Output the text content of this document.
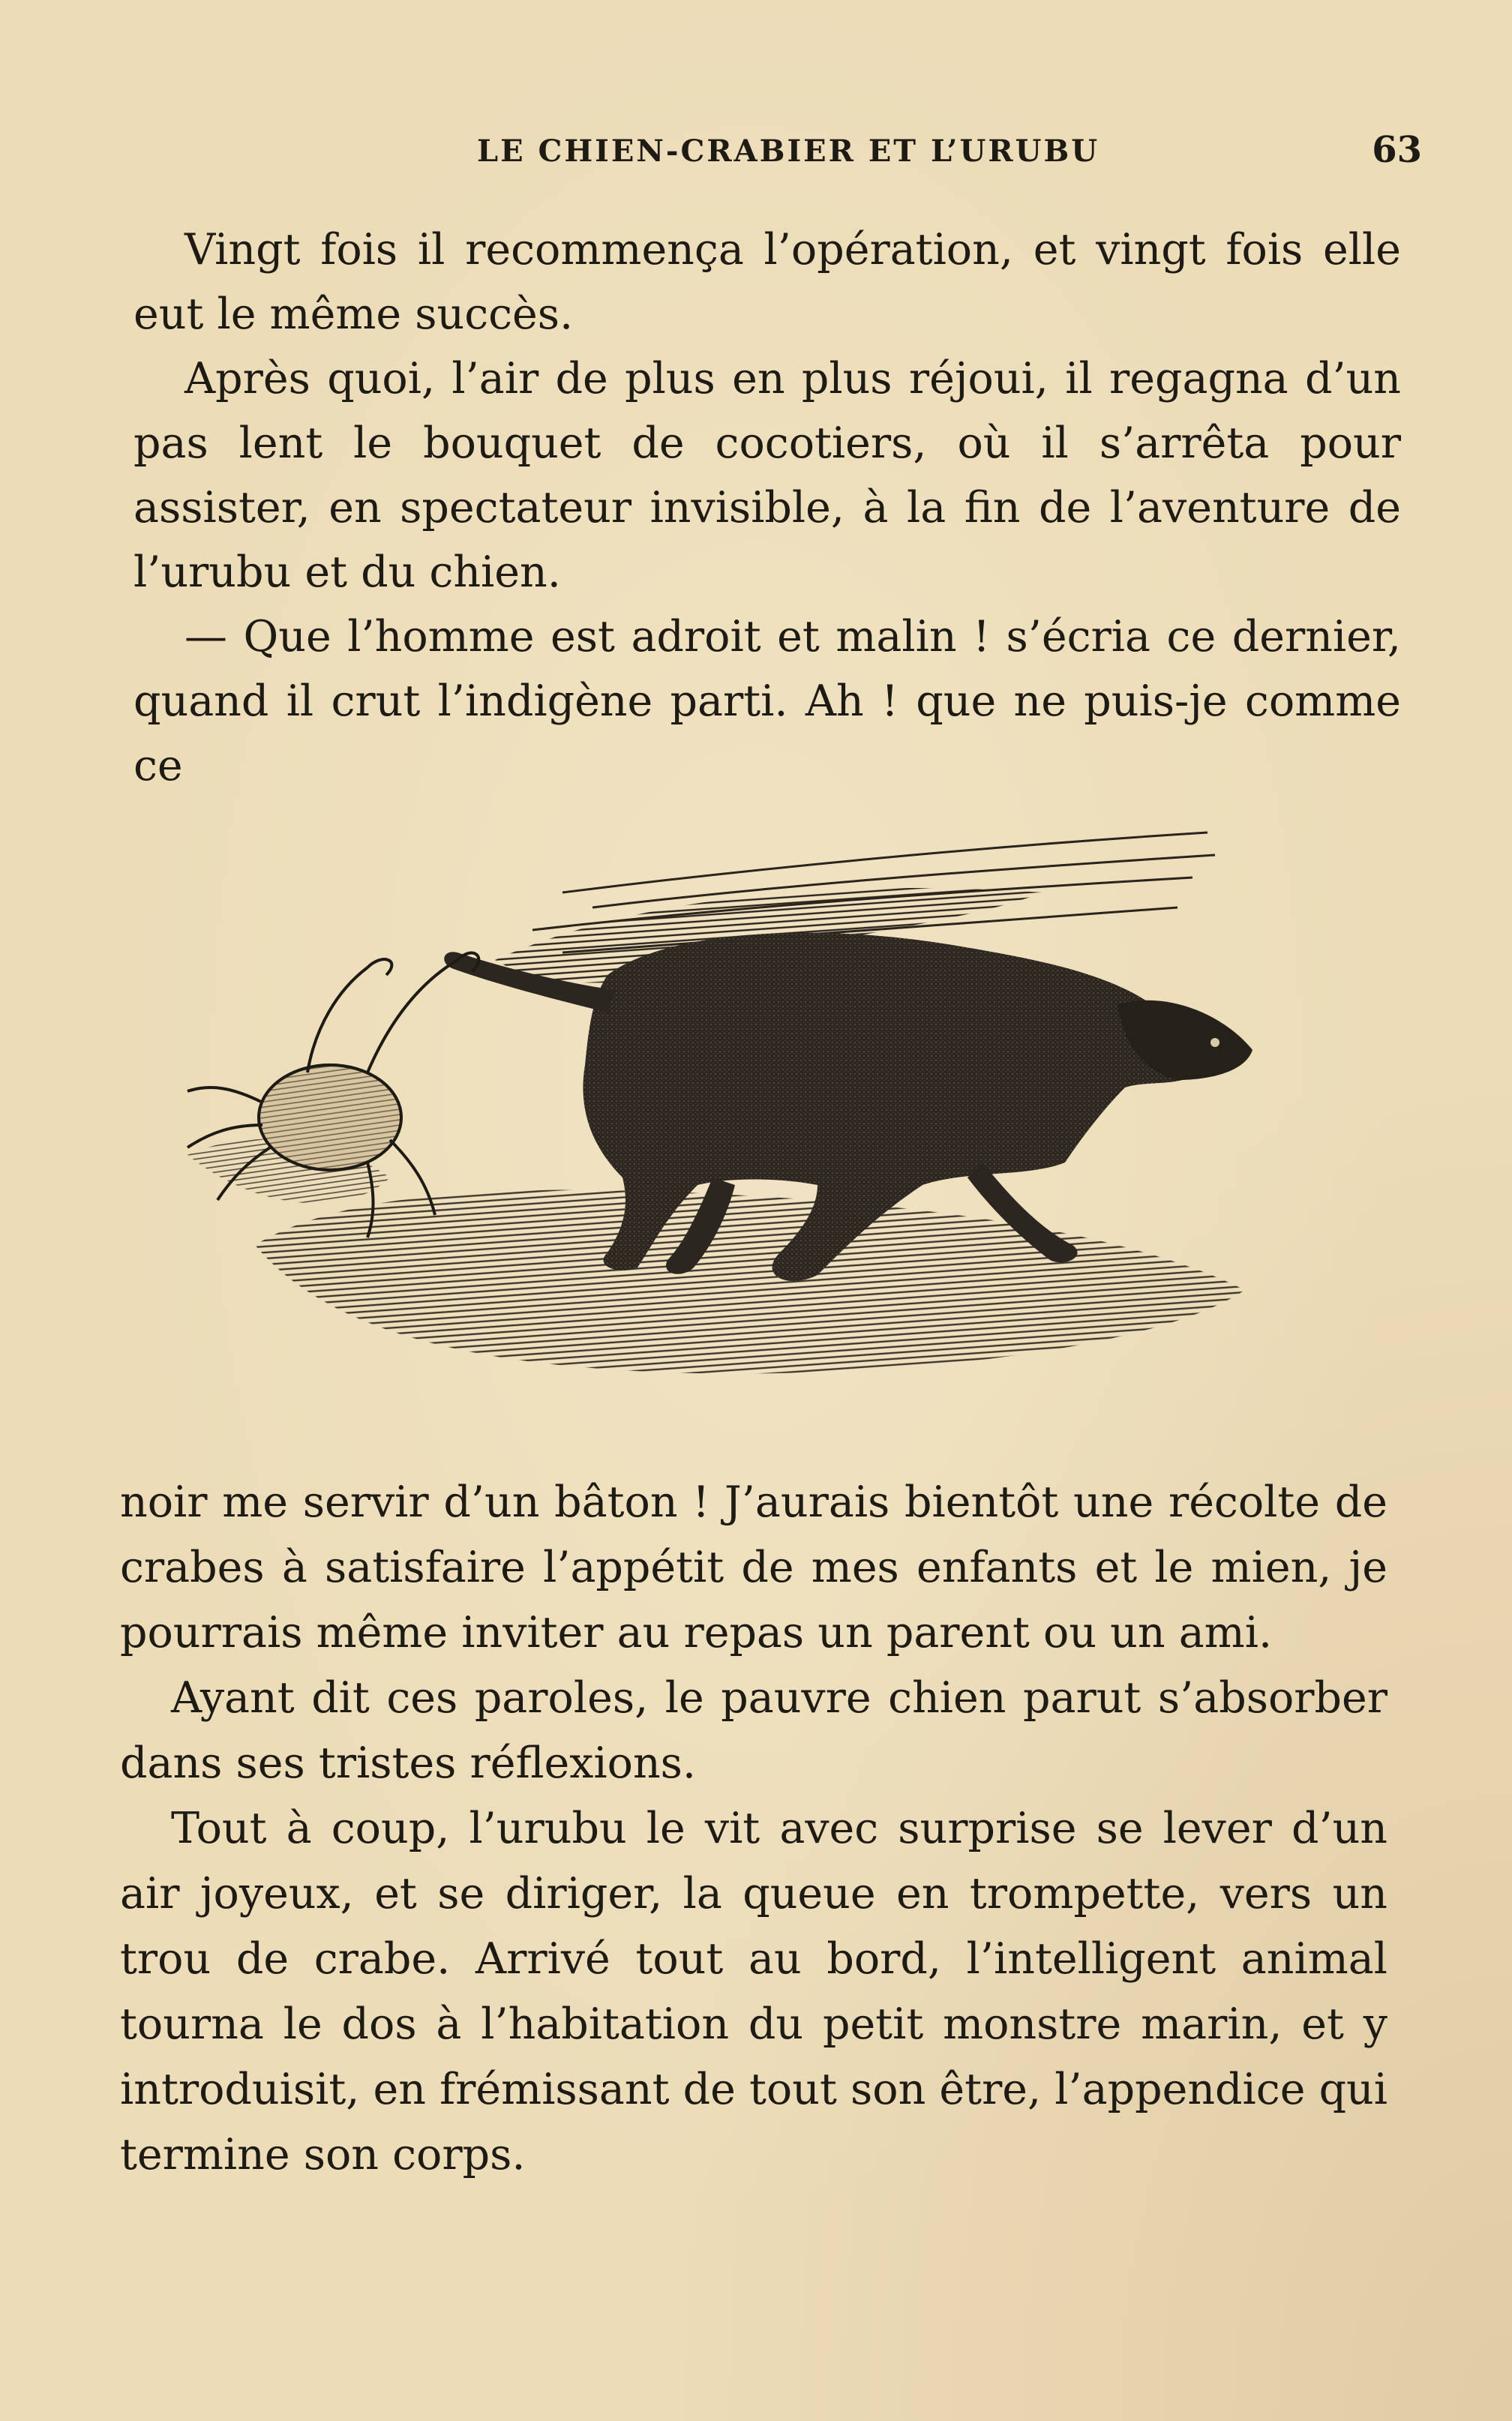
LE CHIEN-CRABIER ET L’URUBU	63

Vingt fois il recommença l’opération, et vingt fois elle eut le même succès.

Après quoi, l’air de plus en plus réjoui, il regagna d’un pas lent le bouquet de cocotiers, où il s’arrêta pour assister, en spectateur invisible, à la fin de l’aventure de l’urubu et du chien.

— Que l’homme est adroit et malin ! s’écria ce dernier, quand il crut l’indigène parti. Ah ! que ne puis-je comme ce

noir me servir d’un bâton ! J’aurais bientôt une récolte de crabes à satisfaire l’appétit de mes enfants et le mien, je pourrais même inviter au repas un parent ou un ami.

Ayant dit ces paroles, le pauvre chien parut s’absorber dans ses tristes réflexions.

Tout à coup, l’urubu le vit avec surprise se lever d’un air joyeux, et se diriger, la queue en trompette, vers un trou de crabe. Arrivé tout au bord, l’intelligent animal tourna le dos à l’habitation du petit monstre marin, et y introduisit, en frémissant de tout son être, l’appendice qui termine son corps.
